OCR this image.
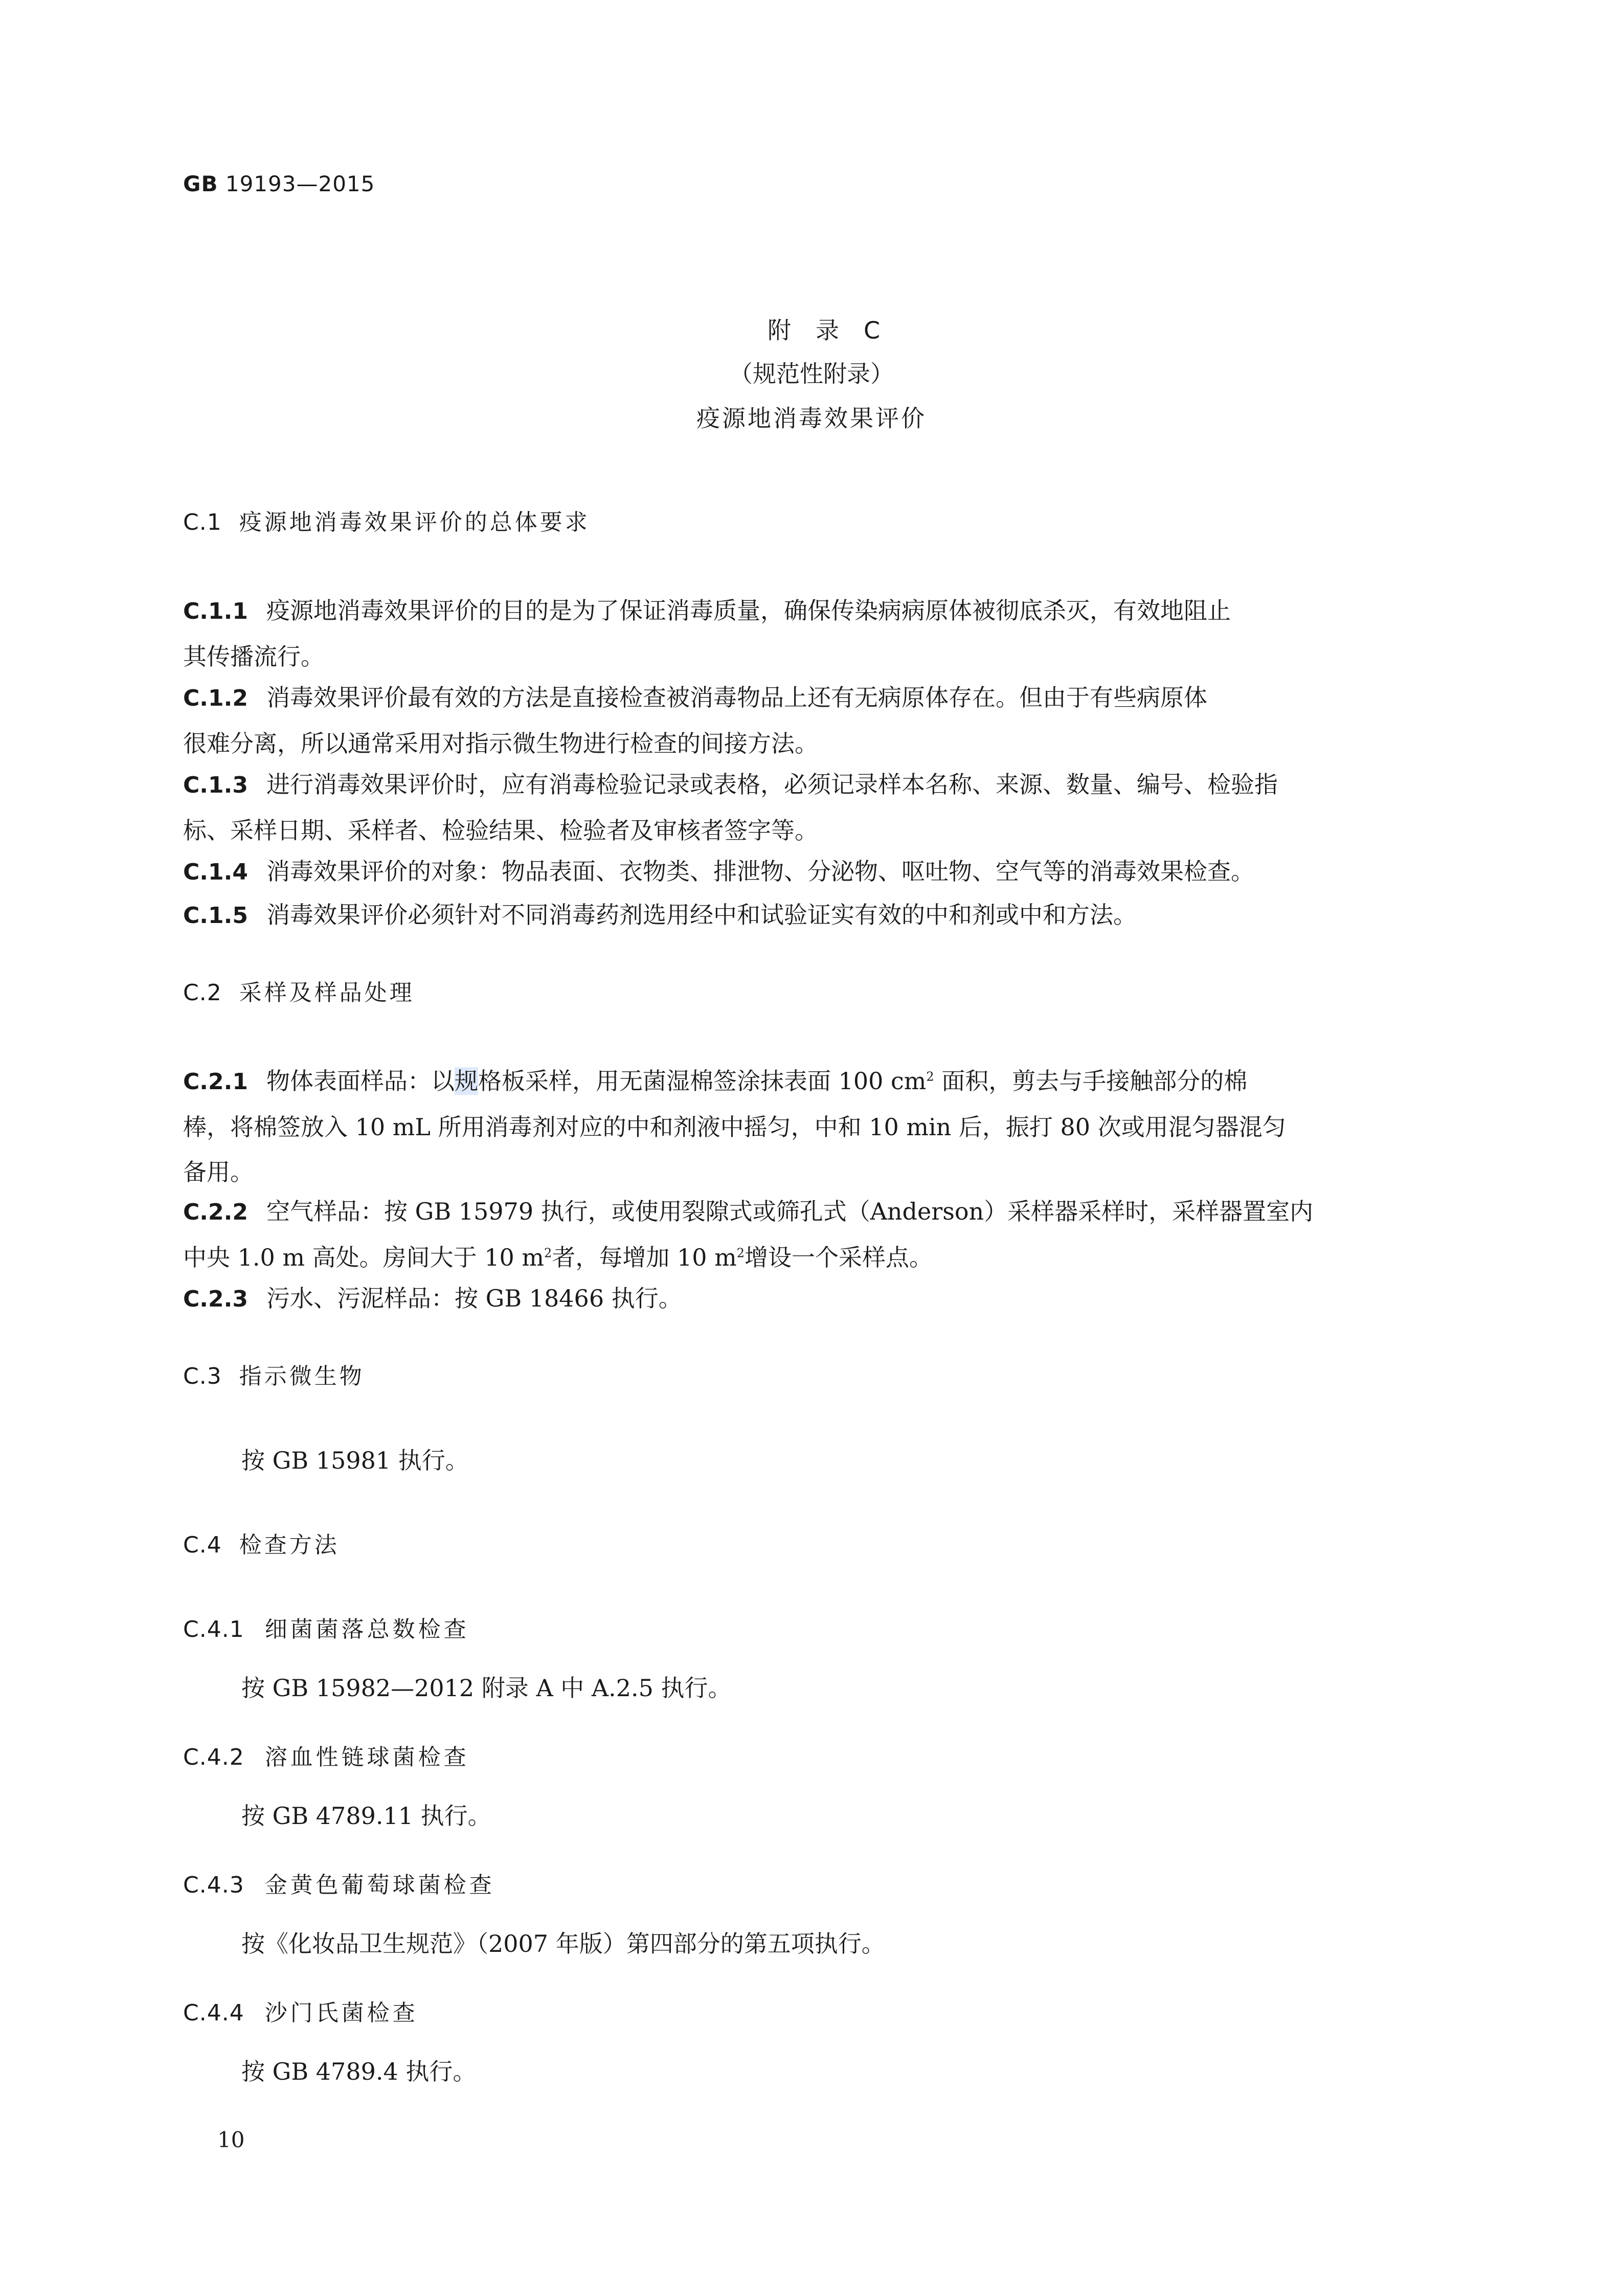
GB 19193—2015
附录C
（规范性附录）
疫源地消毒效果评价
C.1 疫源地消毒效果评价的总体要求
C.1.1 疫源地消毒效果评价的目的是为了保证消毒质量，确保传染病病原体被彻底杀灭，有效地阻止
其传播流行。
C.1.2 消毒效果评价最有效的方法是直接检查被消毒物品上还有无病原体存在。但由于有些病原体
很难分离，所以通常采用对指示微生物进行检查的间接方法。
C.1.3 进行消毒效果评价时，应有消毒检验记录或表格，必须记录样本名称、来源、数量、编号、检验指
标、采样日期、采样者、检验结果、检验者及审核者签字等。
C.1.4 消毒效果评价的对象：物品表面、衣物类、排泄物、分泌物、呕吐物、空气等的消毒效果检查。
C.1.5 消毒效果评价必须针对不同消毒药剂选用经中和试验证实有效的中和剂或中和方法。
C.2 采样及样品处理
C.2.1 物体表面样品：以规格板采样，用无菌湿棉签涂抹表面 100 $cm^2$ 面积，剪去与手接触部分的棉
棒，将棉签放入 10 mL 所用消毒剂对应的中和剂液中摇匀，中和 10 min 后，振打 80 次或用混匀器混匀
备用。
C.2.2 空气样品：按 GB 15979 执行，或使用裂隙式或筛孔式（Anderson）采样器采样时，采样器置室内
中央 1.0 m 高处。房间大于 10 $m^2$者，每增加 10 $m^2$增设一个采样点。
C.2.3 污水、污泥样品：按 GB 18466 执行。
C.3 指示微生物
按 GB 15981 执行。
C.4 检查方法
C.4.1 细菌菌落总数检查
按 GB 15982—2012 附录 A 中 A.2.5 执行。
C.4.2 溶血性链球菌检查
按 GB 4789.11 执行。
C.4.3 金黄色葡萄球菌检查
按《化妆品卫生规范》（2007 年版）第四部分的第五项执行。
C.4.4 沙门氏菌检查
按 GB 4789.4 执行。
10
